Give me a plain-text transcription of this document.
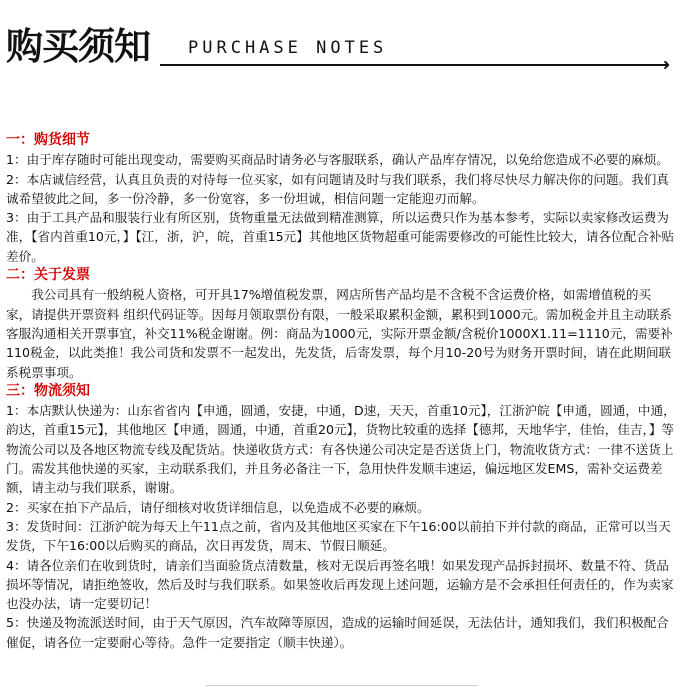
购买须知 PURCHASE NOTES
➜
一：购货细节
1：由于库存随时可能出现变动，需要购买商品时请务必与客服联系，确认产品库存情况，以免给您造成不必要的麻烦。
2：本店诚信经营，认真且负责的对待每一位买家，如有问题请及时与我们联系，我们将尽快尽力解决你的问题。我们真诚希望彼此之间，多一份冷静，多一份宽容，多一份坦诚，相信问题一定能迎刃而解。
3：由于工具产品和服装行业有所区别，货物重量无法做到精准测算，所以运费只作为基本参考，实际以卖家修改运费为准，【省内首重10元，】【江，浙，沪，皖，首重15元】其他地区货物超重可能需要修改的可能性比较大，请各位配合补贴差价。
二：关于发票
我公司具有一般纳税人资格，可开具17%增值税发票，网店所售产品均是不含税不含运费价格，如需增值税的买家，请提供开票资料 组织代码证等。因每月领取票份有限，一般采取累积金额，累积到1000元。需加税金并且主动联系客服沟通相关开票事宜，补交11%税金谢谢。例：商品为1000元，实际开票金额/含税价1000X1.11=1110元，需要补110税金，以此类推！我公司货和发票不一起发出，先发货，后寄发票，每个月10-20号为财务开票时间，请在此期间联系税票事项。
三：物流须知
1：本店默认快递为：山东省省内【申通，圆通，安捷，中通，D速，天天，首重10元】，江浙沪皖【申通，圆通，中通，韵达，首重15元】，其他地区【申通，圆通，中通，首重20元】，货物比较重的选择【德邦，天地华宇，佳怡，佳吉，】等物流公司以及各地区物流专线及配货站。快递收货方式：有各快递公司决定是否送货上门，物流收货方式：一律不送货上门。需发其他快递的买家，主动联系我们，并且务必备注一下，急用快件发顺丰速运，偏远地区发EMS，需补交运费差额，请主动与我们联系，谢谢。
2：买家在拍下产品后，请仔细核对收货详细信息，以免造成不必要的麻烦。
3：发货时间：江浙沪皖为每天上午11点之前，省内及其他地区买家在下午16:00以前拍下并付款的商品，正常可以当天发货，下午16:00以后购买的商品，次日再发货，周末、节假日顺延。
4：请各位亲们在收到货时，请亲们当面验货点清数量，核对无误后再签名哦！如果发现产品拆封损坏、数量不符、货品损坏等情况，请拒绝签收，然后及时与我们联系。如果签收后再发现上述问题，运输方是不会承担任何责任的，作为卖家也没办法，请一定要切记！
5：快递及物流派送时间，由于天气原因，汽车故障等原因，造成的运输时间延误，无法估计，通知我们，我们积极配合催促，请各位一定要耐心等待。急件一定要指定（顺丰快递）。
